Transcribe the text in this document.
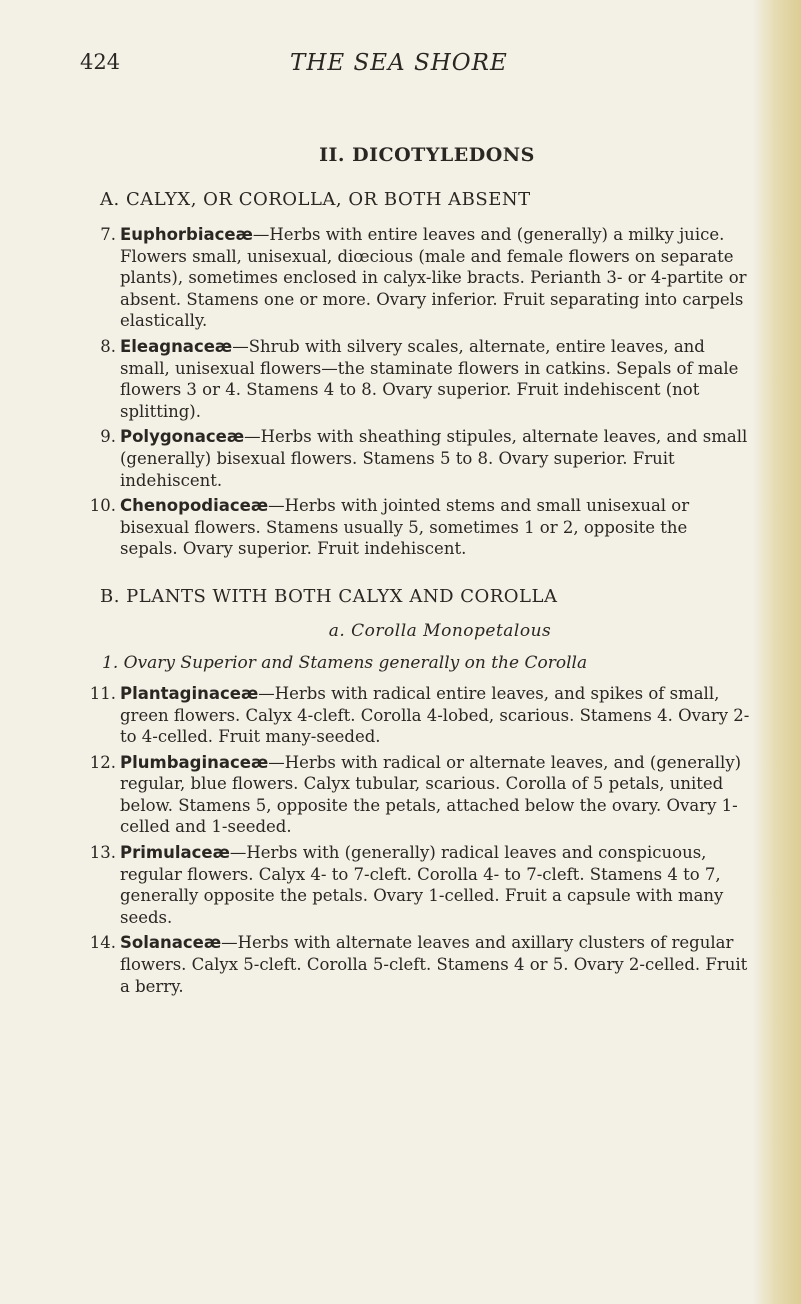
424	THE SEA SHORE
II. DICOTYLEDONS
A. CALYX, OR COROLLA, OR BOTH ABSENT
7. Euphorbiaceæ—Herbs with entire leaves and (generally) a milky juice. Flowers small, unisexual, diœcious (male and female flowers on separate plants), sometimes enclosed in calyx-like bracts. Perianth 3- or 4-partite or absent. Stamens one or more. Ovary inferior. Fruit separating into carpels elastically.
8. Eleagnaceæ—Shrub with silvery scales, alternate, entire leaves, and small, unisexual flowers—the staminate flowers in catkins. Sepals of male flowers 3 or 4. Stamens 4 to 8. Ovary superior. Fruit indehiscent (not splitting).
9. Polygonaceæ—Herbs with sheathing stipules, alternate leaves, and small (generally) bisexual flowers. Stamens 5 to 8. Ovary superior. Fruit indehiscent.
10. Chenopodiaceæ—Herbs with jointed stems and small unisexual or bisexual flowers. Stamens usually 5, sometimes 1 or 2, opposite the sepals. Ovary superior. Fruit indehiscent.
B. PLANTS WITH BOTH CALYX AND COROLLA
a. Corolla Monopetalous
1. Ovary Superior and Stamens generally on the Corolla
11. Plantaginaceæ—Herbs with radical entire leaves, and spikes of small, green flowers. Calyx 4-cleft. Corolla 4-lobed, scarious. Stamens 4. Ovary 2- to 4-celled. Fruit many-seeded.
12. Plumbaginaceæ—Herbs with radical or alternate leaves, and (generally) regular, blue flowers. Calyx tubular, scarious. Corolla of 5 petals, united below. Stamens 5, opposite the petals, attached below the ovary. Ovary 1-celled and 1-seeded.
13. Primulaceæ—Herbs with (generally) radical leaves and conspicuous, regular flowers. Calyx 4- to 7-cleft. Corolla 4- to 7-cleft. Stamens 4 to 7, generally opposite the petals. Ovary 1-celled. Fruit a capsule with many seeds.
14. Solanaceæ—Herbs with alternate leaves and axillary clusters of regular flowers. Calyx 5-cleft. Corolla 5-cleft. Stamens 4 or 5. Ovary 2-celled. Fruit a berry.
